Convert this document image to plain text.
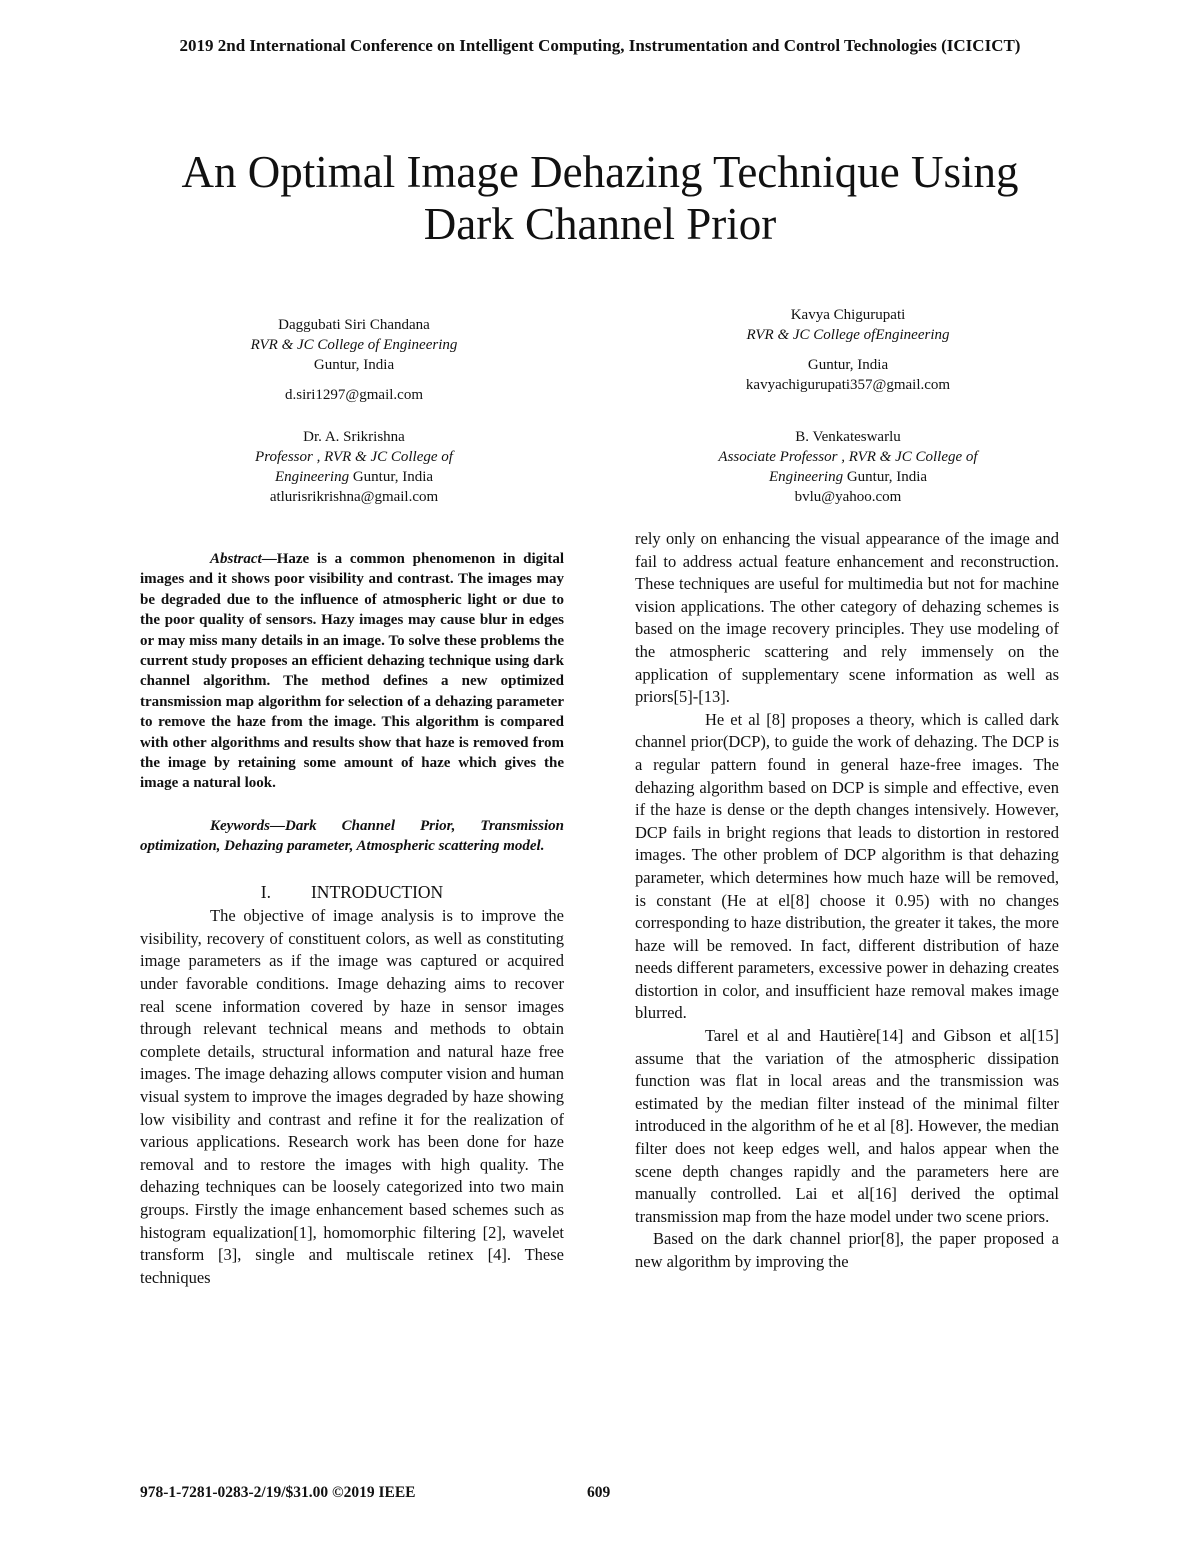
2019 2nd International Conference on Intelligent Computing, Instrumentation and Control Technologies (ICICICT)
An Optimal Image Dehazing Technique Using
Dark Channel Prior
Daggubati Siri Chandana
RVR & JC College of Engineering
Guntur, India
d.siri1297@gmail.com
Kavya Chigurupati
RVR & JC College ofEngineering
Guntur, India
kavyachigurupati357@gmail.com
Dr. A. Srikrishna
Professor , RVR & JC College of
Engineering Guntur, India
atlurisrikrishna@gmail.com
B. Venkateswarlu
Associate Professor , RVR & JC College of
Engineering Guntur, India
bvlu@yahoo.com

Abstract—Haze is a common phenomenon in digital images and it shows poor visibility and contrast. The images may be degraded due to the influence of atmospheric light or due to the poor quality of sensors. Hazy images may cause blur in edges or may miss many details in an image. To solve these problems the current study proposes an efficient dehazing technique using dark channel algorithm. The method defines a new optimized transmission map algorithm for selection of a dehazing parameter to remove the haze from the image. This algorithm is compared with other algorithms and results show that haze is removed from the image by retaining some amount of haze which gives the image a natural look.

Keywords—Dark Channel Prior, Transmission optimization, Dehazing parameter, Atmospheric scattering model.

I. INTRODUCTION

The objective of image analysis is to improve the visibility, recovery of constituent colors, as well as constituting image parameters as if the image was captured or acquired under favorable conditions. Image dehazing aims to recover real scene information covered by haze in sensor images through relevant technical means and methods to obtain complete details, structural information and natural haze free images. The image dehazing allows computer vision and human visual system to improve the images degraded by haze showing low visibility and contrast and refine it for the realization of various applications. Research work has been done for haze removal and to restore the images with high quality. The dehazing techniques can be loosely categorized into two main groups. Firstly the image enhancement based schemes such as histogram equalization[1], homomorphic filtering [2], wavelet transform [3], single and multiscale retinex [4]. These techniques

rely only on enhancing the visual appearance of the image and fail to address actual feature enhancement and reconstruction. These techniques are useful for multimedia but not for machine vision applications. The other category of dehazing schemes is based on the image recovery principles. They use modeling of the atmospheric scattering and rely immensely on the application of supplementary scene information as well as priors[5]-[13].

He et al [8] proposes a theory, which is called dark channel prior(DCP), to guide the work of dehazing. The DCP is a regular pattern found in general haze-free images. The dehazing algorithm based on DCP is simple and effective, even if the haze is dense or the depth changes intensively. However, DCP fails in bright regions that leads to distortion in restored images. The other problem of DCP algorithm is that dehazing parameter, which determines how much haze will be removed, is constant (He at el[8] choose it 0.95) with no changes corresponding to haze distribution, the greater it takes, the more haze will be removed. In fact, different distribution of haze needs different parameters, excessive power in dehazing creates distortion in color, and insufficient haze removal makes image blurred.

Tarel et al and Hautière[14] and Gibson et al[15] assume that the variation of the atmospheric dissipation function was flat in local areas and the transmission was estimated by the median filter instead of the minimal filter introduced in the algorithm of he et al [8]. However, the median filter does not keep edges well, and halos appear when the scene depth changes rapidly and the parameters here are manually controlled. Lai et al[16] derived the optimal transmission map from the haze model under two scene priors.

Based on the dark channel prior[8], the paper proposed a new algorithm by improving the

978-1-7281-0283-2/19/$31.00 ©2019 IEEE	609
